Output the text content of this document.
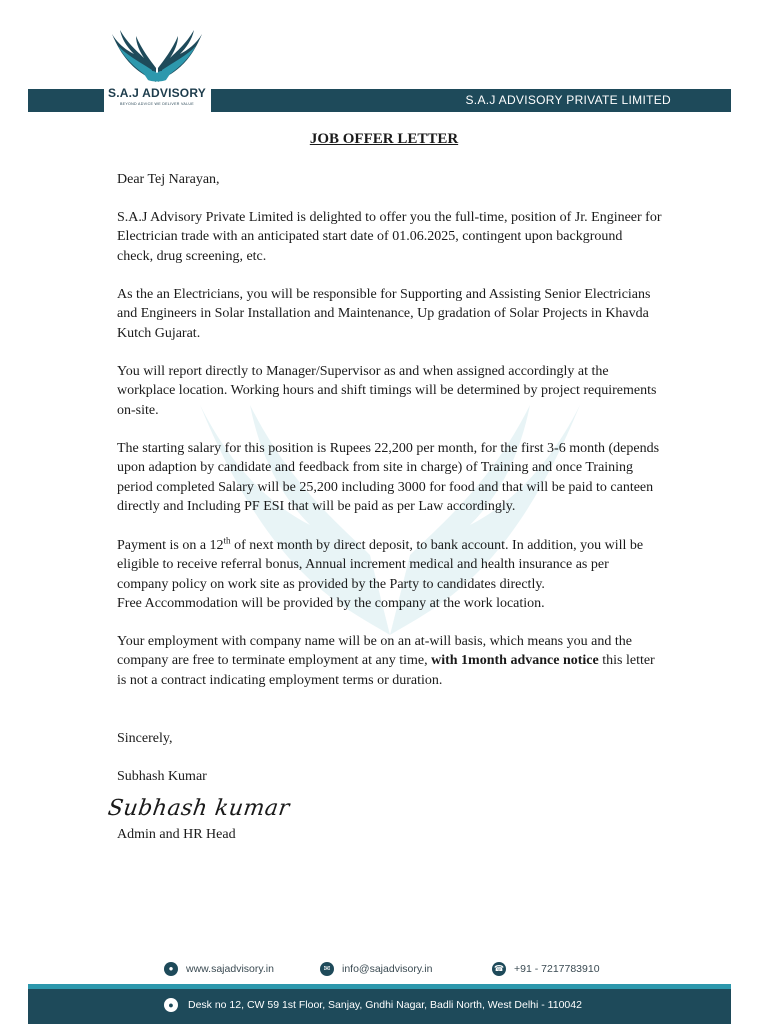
S.A.J ADVISORY PRIVATE LIMITED
S.A.J ADVISORY
BEYOND ADVICE WE DELIVER VALUE
JOB OFFER LETTER

Dear Tej Narayan,

S.A.J Advisory Private Limited is delighted to offer you the full-time, position of Jr. Engineer for Electrician trade with an anticipated start date of 01.06.2025, contingent upon background check, drug screening, etc.

As the an Electricians, you will be responsible for Supporting and Assisting Senior Electricians and Engineers in Solar Installation and Maintenance, Up gradation of Solar Projects in Khavda Kutch Gujarat.

You will report directly to Manager/Supervisor as and when assigned accordingly at the workplace location. Working hours and shift timings will be determined by project requirements on-site.

The starting salary for this position is Rupees 22,200 per month, for the first 3-6 month (depends upon adaption by candidate and feedback from site in charge) of Training and once Training period completed Salary will be 25,200 including 3000 for food and that will be paid to canteen directly and Including PF ESI that will be paid as per Law accordingly.

Payment is on a 12th of next month by direct deposit, to bank account. In addition, you will be eligible to receive referral bonus, Annual increment medical and health insurance as per company policy on work site as provided by the Party to candidates directly.

Free Accommodation will be provided by the company at the work location.

Your employment with company name will be on an at-will basis, which means you and the company are free to terminate employment at any time, with 1month advance notice this letter is not a contract indicating employment terms or duration.

Sincerely,

Subhash Kumar

Subhash kumar

Admin and HR Head

●	www.sajadvisory.in	✉	info@sajadvisory.in	☎ +91 - 7217783910
●	Desk no 12, CW 59 1st Floor, Sanjay, Gndhi Nagar, Badli North, West Delhi - 110042
